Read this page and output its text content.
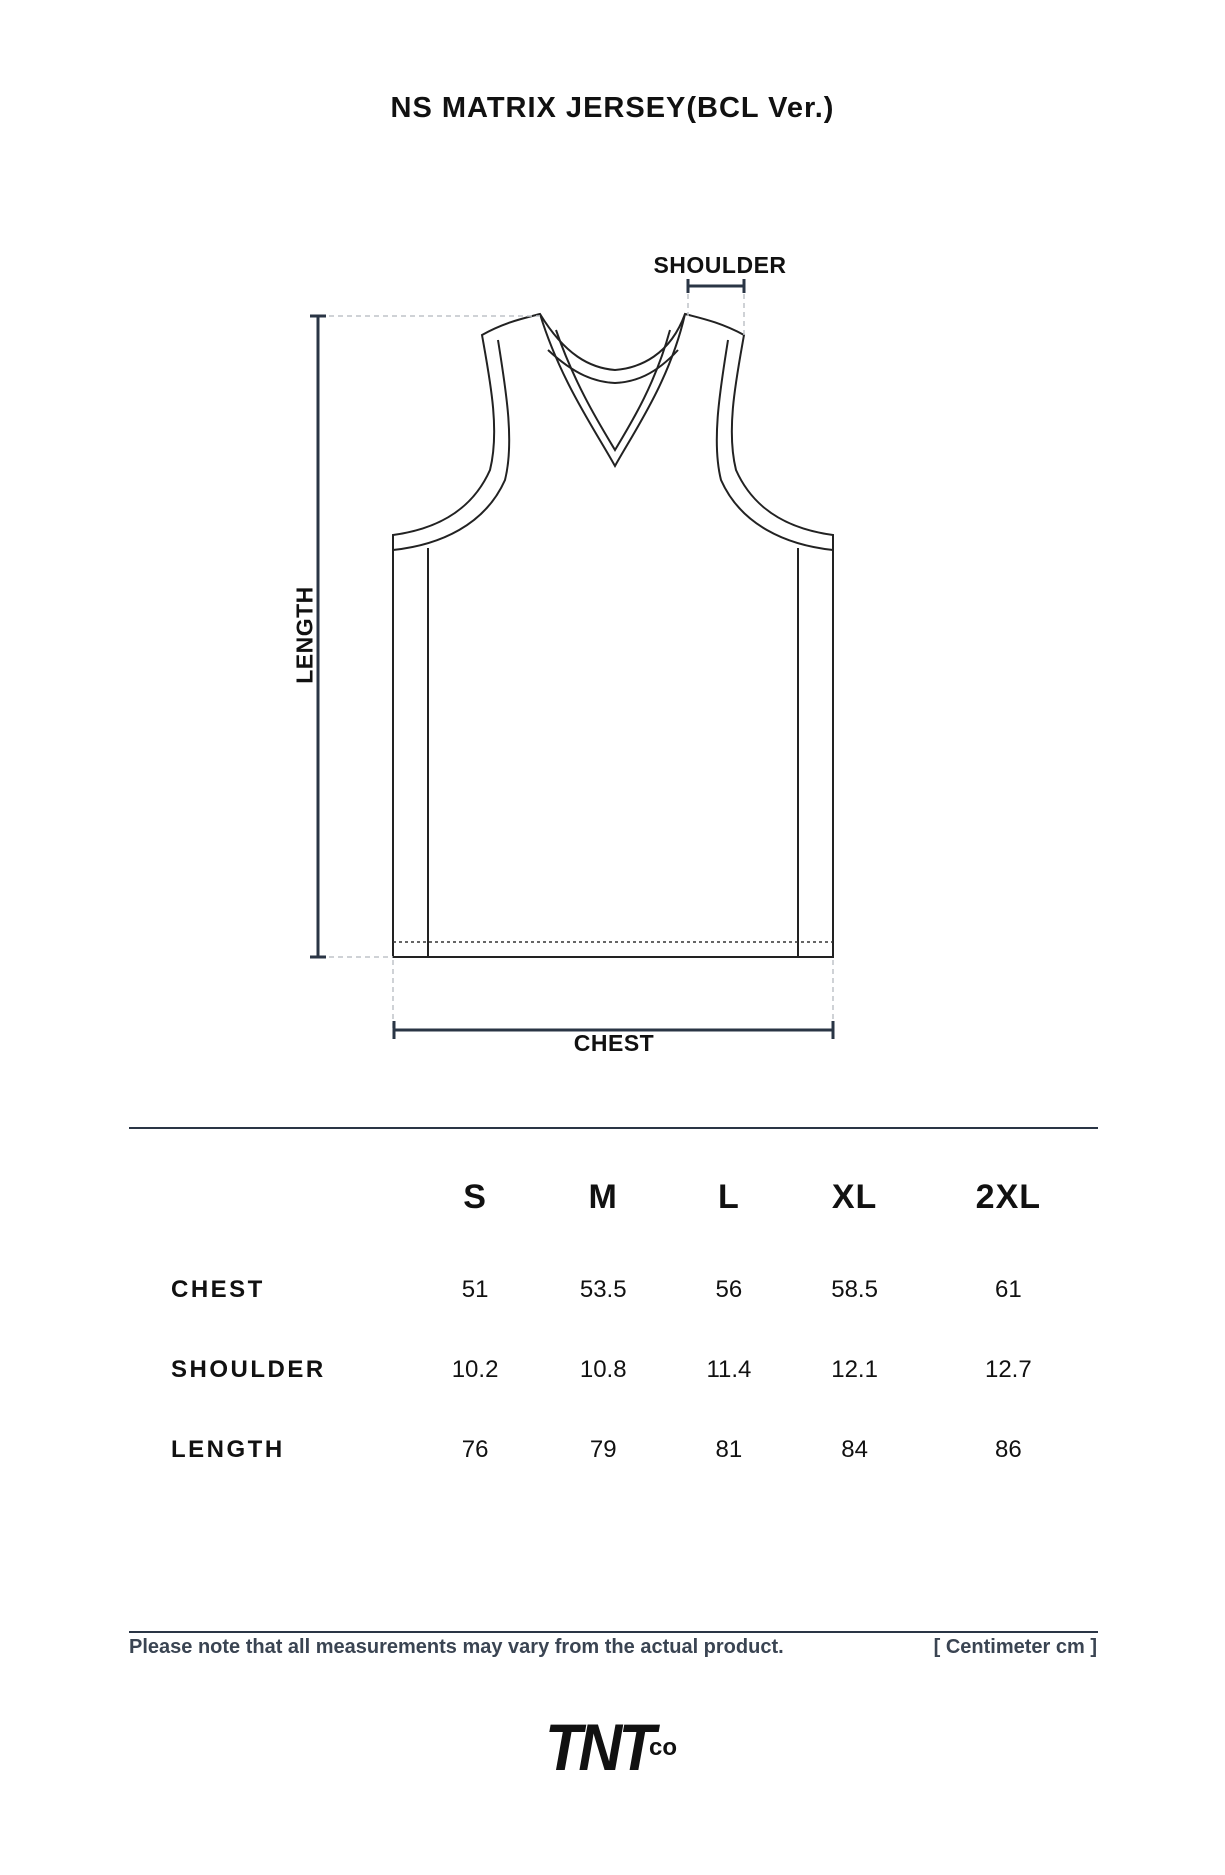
NS MATRIX JERSEY(BCL Ver.)
SHOULDER
CHEST
LENGTH
	S	M	L	XL	2XL
CHEST	51	53.5	56	58.5	61
SHOULDER	10.2	10.8	11.4	12.1	12.7
LENGTH	76	79	81	84	86
Please note that all measurements may vary from the actual product.	[ Centimeter cm ]
TNT
co
